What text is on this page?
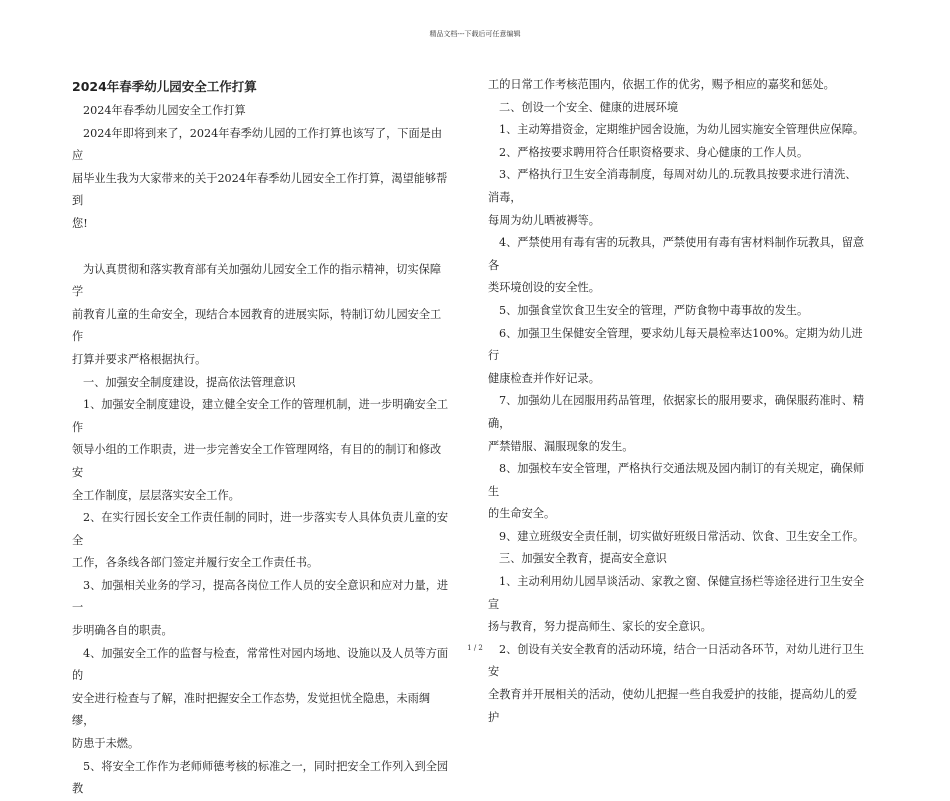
精品文档---下载后可任意编辑
2024年春季幼儿园安全工作打算
2024年春季幼儿园安全工作打算
2024年即将到来了，2024年春季幼儿园的工作打算也该写了，下面是由应
届毕业生我为大家带来的关于2024年春季幼儿园安全工作打算，渴望能够帮到
您!
为认真贯彻和落实教育部有关加强幼儿园安全工作的指示精神，切实保障学
前教育儿童的生命安全，现结合本园教育的进展实际，特制订幼儿园安全工作
打算并要求严格根据执行。
一、加强安全制度建设，提高依法管理意识
1、加强安全制度建设，建立健全安全工作的管理机制，进一步明确安全工作
领导小组的工作职责，进一步完善安全工作管理网络，有目的的制订和修改安
全工作制度，层层落实安全工作。
2、在实行园长安全工作责任制的同时，进一步落实专人具体负责儿童的安全
工作，各条线各部门签定并履行安全工作责任书。
3、加强相关业务的学习，提高各岗位工作人员的安全意识和应对力量，进一
步明确各自的职责。
4、加强安全工作的监督与检查，常常性对园内场地、设施以及人员等方面的
安全进行检查与了解，准时把握安全工作态势，发觉担忧全隐患，未雨绸缪，
防患于未燃。
5、将安全工作作为老师师德考核的标准之一，同时把安全工作列入到全园教
工的日常工作考核范围内，依据工作的优劣，赐予相应的嘉奖和惩处。
二、创设一个安全、健康的进展环境
1、主动筹措资金，定期维护园舍设施，为幼儿园实施安全管理供应保障。
2、严格按要求聘用符合任职资格要求、身心健康的工作人员。
3、严格执行卫生安全消毒制度，每周对幼儿的.玩教具按要求进行清洗、消毒，
每周为幼儿晒被褥等。
4、严禁使用有毒有害的玩教具，严禁使用有毒有害材料制作玩教具，留意各
类环境创设的安全性。
5、加强食堂饮食卫生安全的管理，严防食物中毒事故的发生。
6、加强卫生保健安全管理，要求幼儿每天晨检率达100%。定期为幼儿进行
健康检查并作好记录。
7、加强幼儿在园服用药品管理，依据家长的服用要求，确保服药准时、精确，
严禁错服、漏服现象的发生。
8、加强校车安全管理，严格执行交通法规及园内制订的有关规定，确保师生
的生命安全。
9、建立班级安全责任制，切实做好班级日常活动、饮食、卫生安全工作。
三、加强安全教育，提高安全意识
1、主动利用幼儿园旱谈活动、家教之窗、保健宣扬栏等途径进行卫生安全宣
扬与教育，努力提高师生、家长的安全意识。
2、创设有关安全教育的活动环境，结合一日活动各环节，对幼儿进行卫生安
全教育并开展相关的活动，使幼儿把握一些自我爱护的技能，提高幼儿的爱护
1 / 2
